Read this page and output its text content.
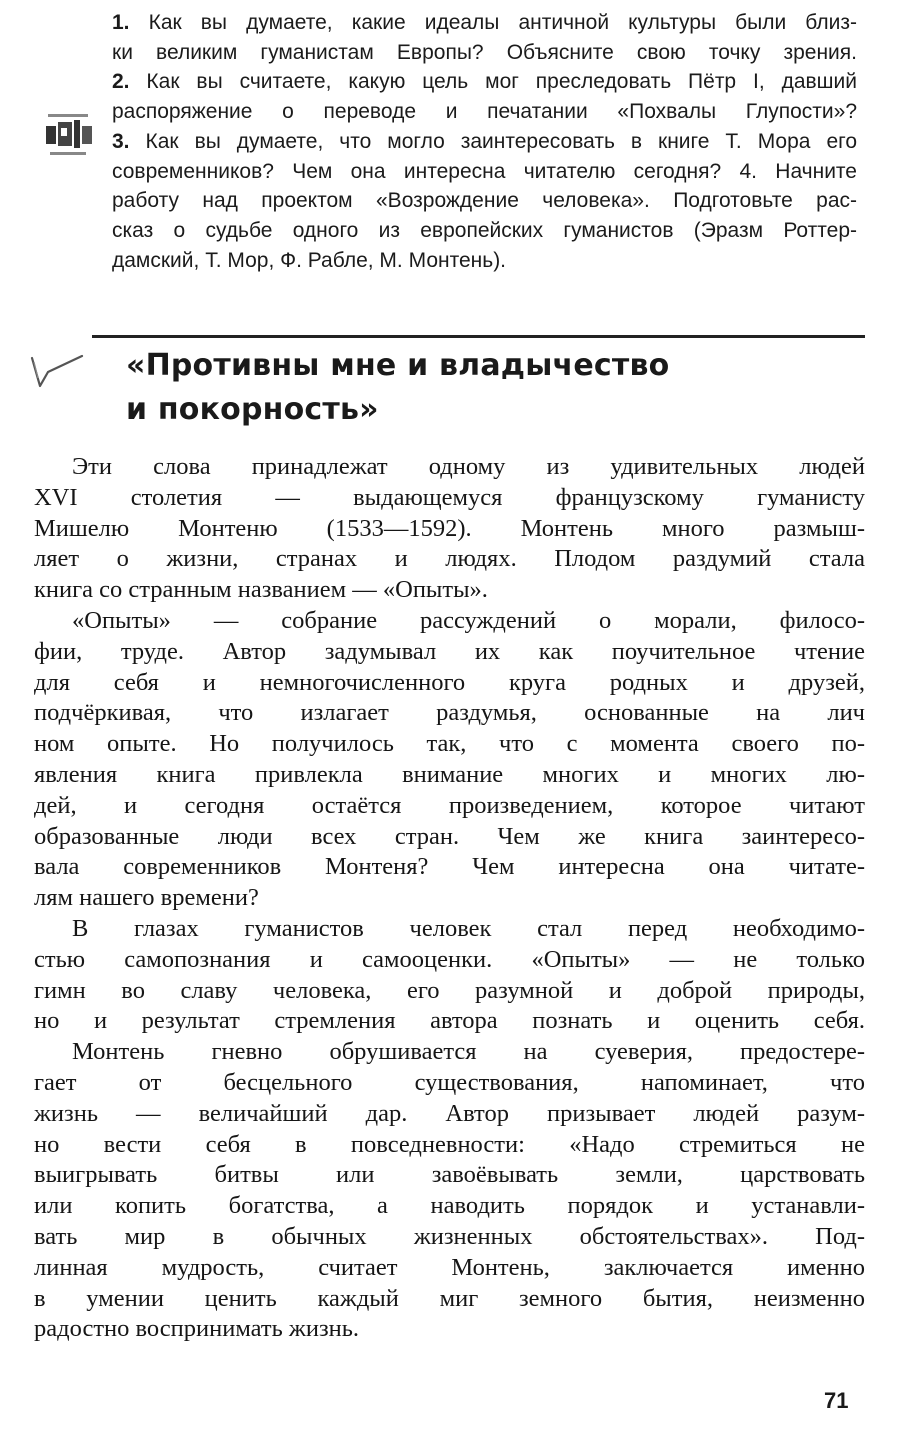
1. Как вы думаете, какие идеалы античной культуры были близ-
ки великим гуманистам Европы? Объясните свою точку зрения.
2. Как вы считаете, какую цель мог преследовать Пётр I, давший
распоряжение о переводе и печатании «Похвалы Глупости»?
3. Как вы думаете, что могло заинтересовать в книге Т. Мора его
современников? Чем она интересна читателю сегодня? 4. Начните
работу над проектом «Возрождение человека». Подготовьте рас-
сказ о судьбе одного из европейских гуманистов (Эразм Роттер-
дамский, Т. Мор, Ф. Рабле, М. Монтень).
«Противны мне и владычество
и покорность»
Эти слова принадлежат одному из удивительных людей
XVI столетия — выдающемуся французскому гуманисту
Мишелю Монтеню (1533—1592). Монтень много размыш-
ляет о жизни, странах и людях. Плодом раздумий стала
книга со странным названием — «Опыты».
«Опыты» — собрание рассуждений о морали, филосо-
фии, труде. Автор задумывал их как поучительное чтение
для себя и немногочисленного круга родных и друзей,
подчёркивая, что излагает раздумья, основанные на лич
ном опыте. Но получилось так, что с момента своего по-
явления книга привлекла внимание многих и многих лю-
дей, и сегодня остаётся произведением, которое читают
образованные люди всех стран. Чем же книга заинтересо-
вала современников Монтеня? Чем интересна она читате-
лям нашего времени?
В глазах гуманистов человек стал перед необходимо-
стью самопознания и самооценки. «Опыты» — не только
гимн во славу человека, его разумной и доброй природы,
но и результат стремления автора познать и оценить себя.
Монтень гневно обрушивается на суеверия, предостере-
гает от бесцельного существования, напоминает, что
жизнь — величайший дар. Автор призывает людей разум-
но вести себя в повседневности: «Надо стремиться не
выигрывать битвы или завоёвывать земли, царствовать
или копить богатства, а наводить порядок и устанавли-
вать мир в обычных жизненных обстоятельствах». Под-
линная мудрость, считает Монтень, заключается именно
в умении ценить каждый миг земного бытия, неизменно
радостно воспринимать жизнь.
71
